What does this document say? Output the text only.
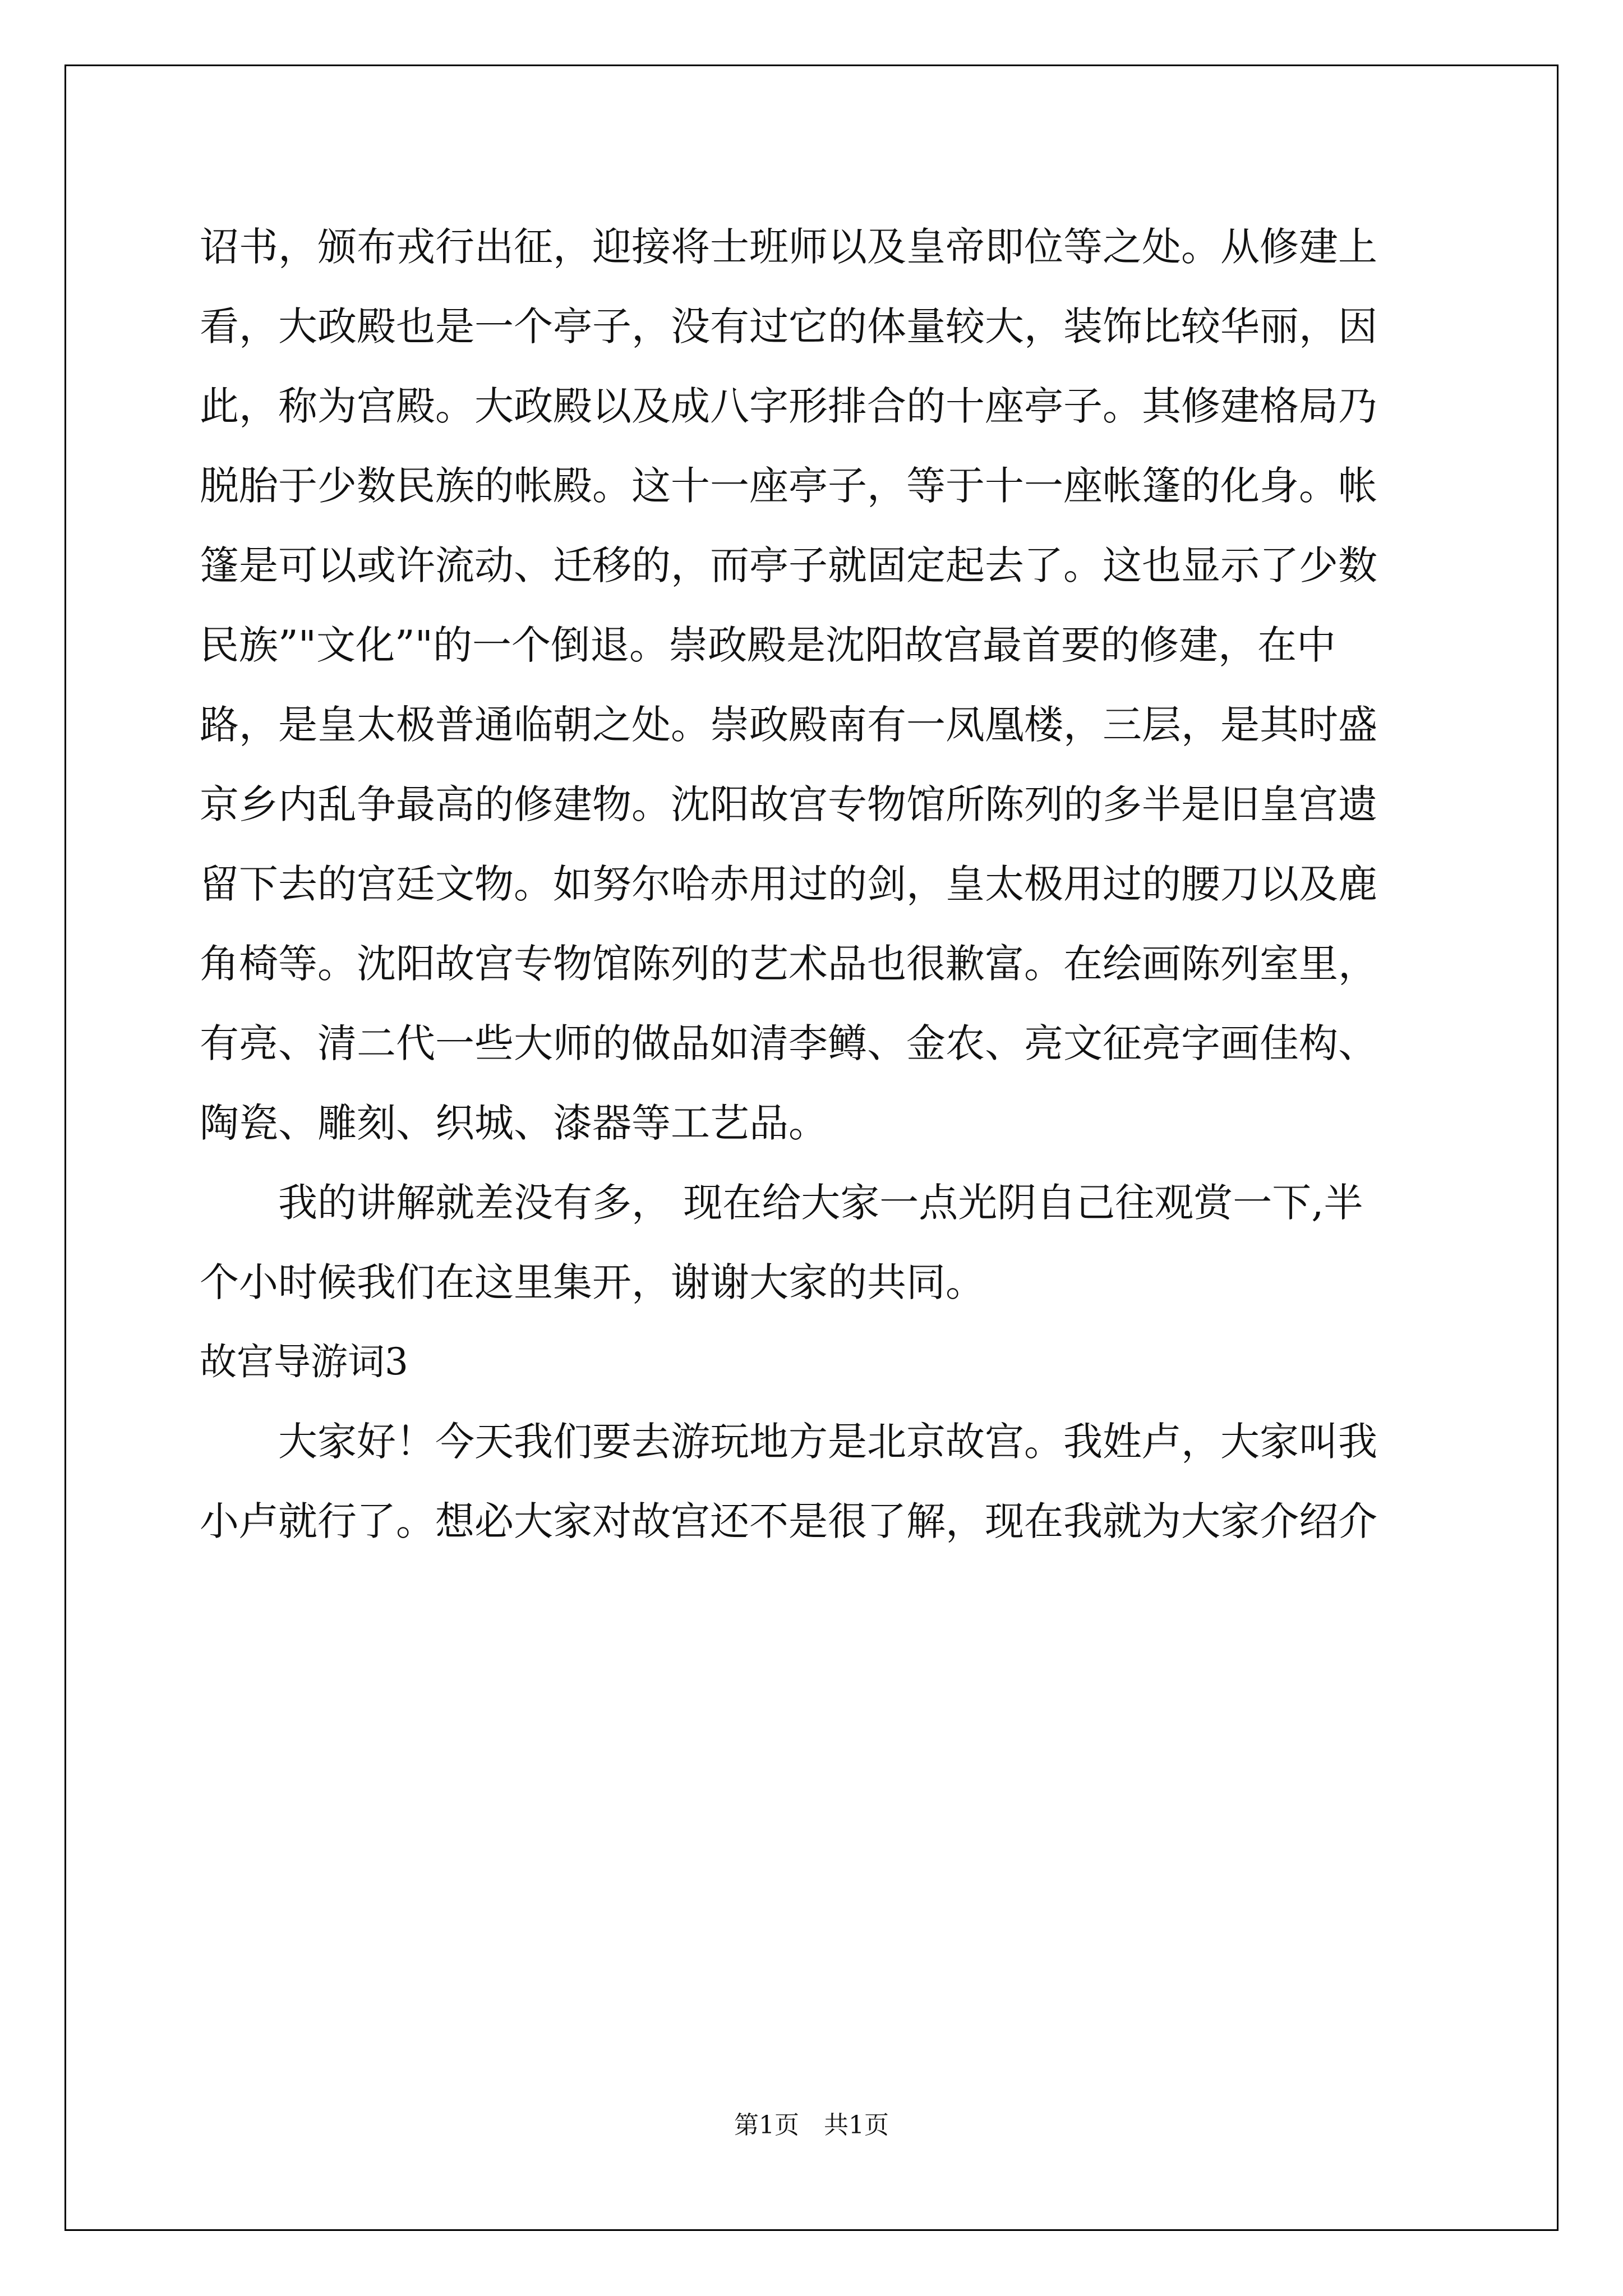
诏书，颁布戎行出征，迎接将士班师以及皇帝即位等之处。从修建上
看，大政殿也是一个亭子，没有过它的体量较大，装饰比较华丽，因
此，称为宫殿。大政殿以及成八字形排合的十座亭子。其修建格局乃
脱胎于少数民族的帐殿。这十一座亭子，等于十一座帐篷的化身。帐
篷是可以或许流动、迁移的，而亭子就固定起去了。这也显示了少数
民族”"文化”"的一个倒退。崇政殿是沈阳故宫最首要的修建，在中
路，是皇太极普通临朝之处。崇政殿南有一凤凰楼，三层，是其时盛
京乡内乱争最高的修建物。沈阳故宫专物馆所陈列的多半是旧皇宫遗
留下去的宫廷文物。如努尔哈赤用过的剑，皇太极用过的腰刀以及鹿
角椅等。沈阳故宫专物馆陈列的艺术品也很歉富。在绘画陈列室里，
有亮、清二代一些大师的做品如清李鳟、金农、亮文征亮字画佳构、
陶瓷、雕刻、织城、漆器等工艺品。
　　我的讲解就差没有多， 现在给大家一点光阴自己往观赏一下,半
个小时候我们在这里集开，谢谢大家的共同。
故宫导游词3
　　大家好！今天我们要去游玩地方是北京故宫。我姓卢，大家叫我
小卢就行了。想必大家对故宫还不是很了解，现在我就为大家介绍介
第1页　共1页
